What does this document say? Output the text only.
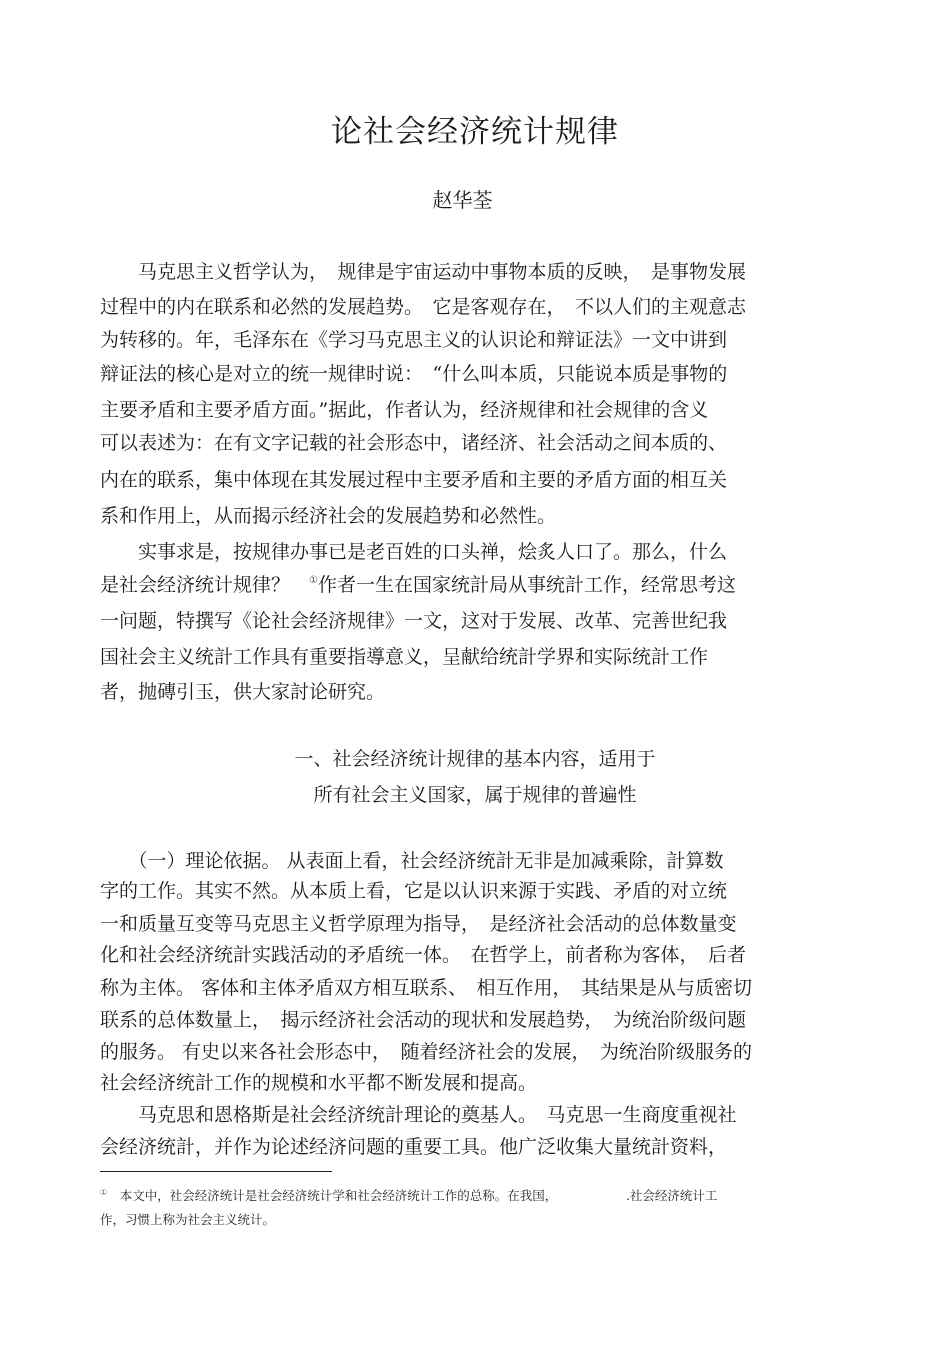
论社会经济统计规律
赵华荃
　　马克思主义哲学认为，　规律是宇宙运动中事物本质的反映，　是事物发展
过程中的内在联系和必然的发展趋势。　它是客观存在，　不以人们的主观意志
为转移的。年，毛泽东在《学习马克思主义的认识论和辩证法》一文中讲到
辩证法的核心是对立的统一规律时说：　“什么叫本质，只能说本质是事物的
主要矛盾和主要矛盾方面。”据此，作者认为，经济规律和社会规律的含义
可以表述为：在有文字记载的社会形态中，诸经济、社会活动之间本质的、
内在的联系，集中体现在其发展过程中主要矛盾和主要的矛盾方面的相互关
系和作用上，从而揭示经济社会的发展趋势和必然性。
　　实事求是，按规律办事已是老百姓的口头禅，烩炙人口了。那么，什么
是社会经济统计规律？　 ①作者一生在国家统計局从事统計工作，经常思考这
一问题，特撰写《论社会经济规律》一文，这对于发展、改革、完善世纪我
国社会主义统計工作具有重要指導意义，呈献给统計学界和实际统計工作
者，抛磚引玉，供大家討论研究。
一、社会经济统计规律的基本内容，适用于
所有社会主义国家，属于规律的普遍性
　　（一）理论依据。 从表面上看，社会经济统計无非是加减乘除，計算数
字的工作。其实不然。从本质上看，它是以认识来源于实践、矛盾的对立统
一和质量互变等马克思主义哲学原理为指导，　是经济社会活动的总体数量变
化和社会经济统計实践活动的矛盾统一体。　在哲学上，前者称为客体，　后者
称为主体。 客体和主体矛盾双方相互联系、　相互作用，　其结果是从与质密切
联系的总体数量上，　揭示经济社会活动的现状和发展趋势，　为统治阶级问题
的服务。 有史以来各社会形态中，　随着经济社会的发展，　为统治阶级服务的
社会经济统計工作的规模和水平都不断发展和提高。
　　马克思和恩格斯是社会经济统計理论的奠基人。　马克思一生商度重视社
会经济统計，并作为论述经济问题的重要工具。他广泛收集大量统計资料，
①　 本文中，社会经济统计是社会经济统计学和社会经济统计工作的总称。在我国，　　　　　　.社会经济统计工
作，习惯上称为社会主义统计。
